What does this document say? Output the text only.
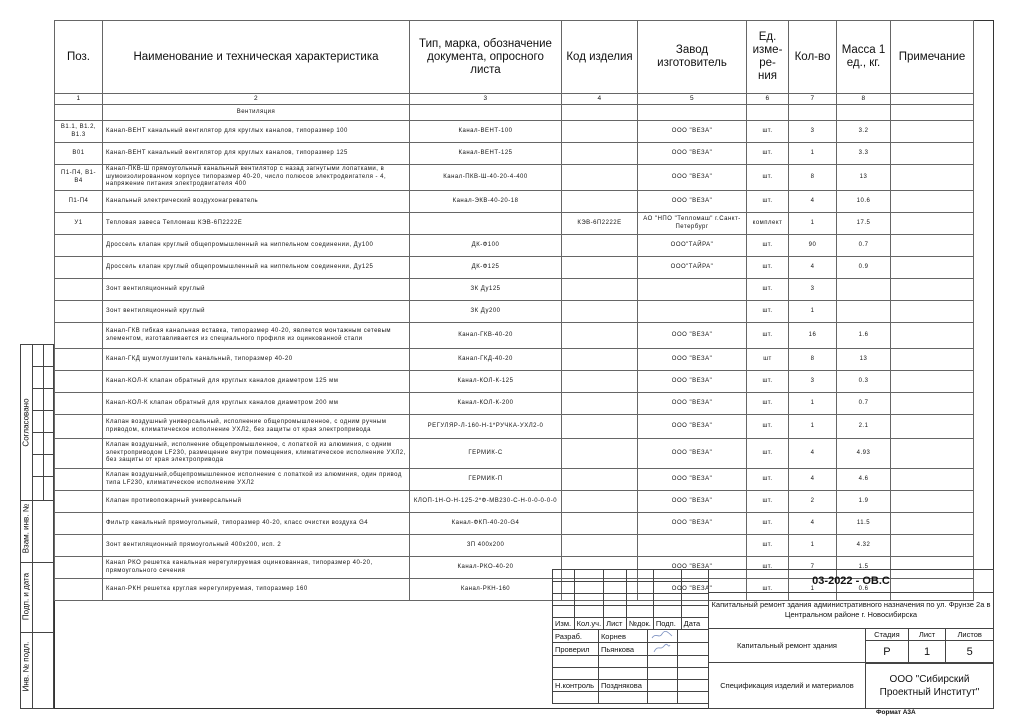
Поз.	Наименование и техническая характеристика	Тип, марка, обозначение документа, опросного листа	Код изделия	Завод изготовитель	Ед. изме-ре-ния	Кол-во	Масса 1 ед., кг.	Примечание
1	2	3	4	5	6	7	8	
	Вентиляция							
В1.1, В1.2, В1.3	Канал-ВЕНТ канальный вентилятор для круглых каналов, типоразмер 100	Канал-ВЕНТ-100		ООО "ВЕЗА"	шт.	3	3.2	
В01	Канал-ВЕНТ канальный вентилятор для круглых каналов, типоразмер 125	Канал-ВЕНТ-125		ООО "ВЕЗА"	шт.	1	3.3	
П1-П4, В1-В4	Канал-ПКВ-Ш прямоугольный канальный вентилятор с назад загнутыми лопатками, в шумоизолированном корпусе типоразмер 40-20, число полюсов электродвигателя - 4, напряжение питания электродвигателя 400	Канал-ПКВ-Ш-40-20-4-400		ООО "ВЕЗА"	шт.	8	13	
П1-П4	Канальный электрический воздухонагреватель	Канал-ЭКВ-40-20-18		ООО "ВЕЗА"	шт.	4	10.6	
У1	Тепловая завеса Тепломаш КЭВ-6П2222Е		КЭВ-6П2222Е	АО "НПО "Тепломаш" г.Санкт-Петербург	комплект	1	17.5	
	Дроссель клапан круглый общепромышленный на ниппельном соединении, Ду100	ДК-Ф100		ООО"ТАЙРА"	шт.	90	0.7	
	Дроссель клапан круглый общепромышленный на ниппельном соединении, Ду125	ДК-Ф125		ООО"ТАЙРА"	шт.	4	0.9	
	Зонт вентиляционный круглый	ЗК Ду125			шт.	3		
	Зонт вентиляционный круглый	ЗК Ду200			шт.	1		
	Канал-ГКВ гибкая канальная вставка, типоразмер 40-20, является монтажным сетевым элементом, изготавливается из специального профиля из оцинкованной стали	Канал-ГКВ-40-20		ООО "ВЕЗА"	шт.	16	1.6	
	Канал-ГКД шумоглушитель канальный, типоразмер 40-20	Канал-ГКД-40-20		ООО "ВЕЗА"	шт	8	13	
	Канал-КОЛ-К клапан обратный для круглых каналов диаметром 125 мм	Канал-КОЛ-К-125		ООО "ВЕЗА"	шт.	3	0.3	
	Канал-КОЛ-К клапан обратный для круглых каналов диаметром 200 мм	Канал-КОЛ-К-200		ООО "ВЕЗА"	шт.	1	0.7	
	Клапан воздушный универсальный, исполнение общепромышленное, с одним ручным приводом, климатическое исполнение УХЛ2, без защиты от края электропривода	РЕГУЛЯР-Л-160-Н-1*РУЧКА-УХЛ2-0		ООО "ВЕЗА"	шт.	1	2.1	
	Клапан воздушный, исполнение общепромышленное, с лопаткой из алюминия, с одним электроприводом LF230, размещение внутри помещения, климатическое исполнение УХЛ2, без защиты от края электропривода	ГЕРМИК-С		ООО "ВЕЗА"	шт.	4	4.93	
	Клапан воздушный,общепромышленное исполнение с лопаткой из алюминия, один привод типа LF230, климатическое исполнение УХЛ2	ГЕРМИК-П		ООО "ВЕЗА"	шт.	4	4.6	
	Клапан противопожарный универсальный	КЛОП-1Н-О-Н-125-2*Ф-МВ230-С-Н-0-0-0-0-0		ООО "ВЕЗА"	шт.	2	1.9	
	Фильтр канальный прямоугольный, типоразмер 40-20, класс очистки воздуха G4	Канал-ФКП-40-20-G4		ООО "ВЕЗА"	шт.	4	11.5	
	Зонт вентиляционный прямоугольный 400х200, исп. 2	ЗП 400х200			шт.	1	4.32	
	Канал РКО решетка канальная нерегулируемая оцинкованная, типоразмер 40-20, прямоугольного сечения	Канал-РКО-40-20		ООО "ВЕЗА"	шт.	7	1.5	
	Канал-РКН решетка круглая нерегулируемая, типоразмер 160	Канал-РКН-160		ООО "ВЕЗА"	шт.	1	0.6	
Согласовано
Взам. инв. №
Подп. и дата
Инв. № подл.

Изм.	Кол.уч.	Лист	№док.	Подп.	Дата
Разраб.	Корнев		
Проверил	Пьянкова		

Н.контроль	Позднякова		

03-2022 - ОВ.С
Капитальный ремонт здания административного назначения по ул. Фрунзе 2а в Центральном районе г. Новосибирска
Капитальный ремонт здания
Спецификация изделий и материалов
Стадия	Лист	Листов
Р	1	5
ООО "Сибирский Проектный Институт"
Формат А3А
